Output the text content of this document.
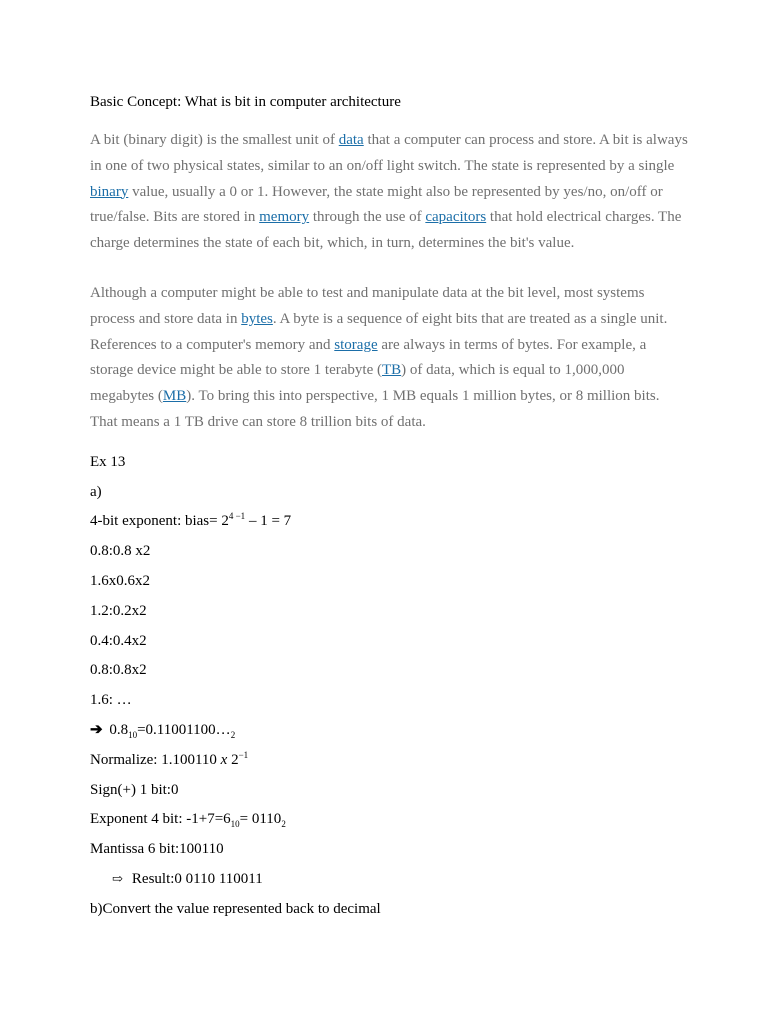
Basic Concept: What is bit in computer architecture

A bit (binary digit) is the smallest unit of data that a computer can process and store. A bit is always in one of two physical states, similar to an on/off light switch. The state is represented by a single binary value, usually a 0 or 1. However, the state might also be represented by yes/no, on/off or true/false. Bits are stored in memory through the use of capacitors that hold electrical charges. The charge determines the state of each bit, which, in turn, determines the bit's value.

Although a computer might be able to test and manipulate data at the bit level, most systems process and store data in bytes. A byte is a sequence of eight bits that are treated as a single unit. References to a computer's memory and storage are always in terms of bytes. For example, a storage device might be able to store 1 terabyte (TB) of data, which is equal to 1,000,000 megabytes (MB). To bring this into perspective, 1 MB equals 1 million bytes, or 8 million bits. That means a 1 TB drive can store 8 trillion bits of data.

Ex 13
a)
4-bit exponent: bias= $2^{4 -1} - 1 = 7$
0.8:0.8 x2
1.6x0.6x2
1.2:0.2x2
0.4:0.4x2
0.8:0.8x2
1.6: …
➔ $0.8_{10}=0.11001100\dots_2$
Normalize: 1.100110 x $2^{-1}$
Sign(+) 1 bit:0
Exponent 4 bit: $-1+7=6_{10}= 0110_2$
Mantissa 6 bit:100110
⇨ Result:0 0110 110011
b)Convert the value represented back to decimal
